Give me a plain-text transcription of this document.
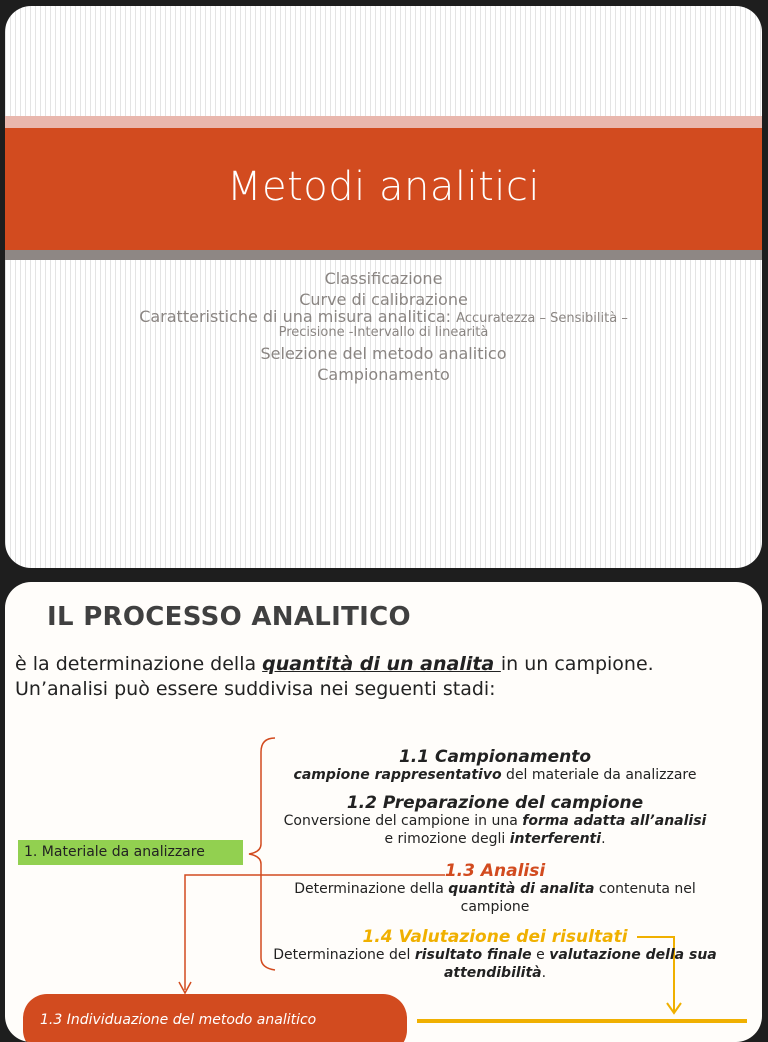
Metodi analitici
Classificazione
Curve di calibrazione
Caratteristiche di una misura analitica: Accuratezza – Sensibilità –
Precisione -Intervallo di linearità
Selezione del metodo analitico
Campionamento
IL PROCESSO ANALITICO
è la determinazione della quantità di un analita in un campione.
Un’analisi può essere suddivisa nei seguenti stadi:
1. Materiale da analizzare
1.1 Campionamento
campione rappresentativo del materiale da analizzare
1.2 Preparazione del campione
Conversione del campione in una forma adatta all’analisi
e rimozione degli interferenti.
1.3 Analisi
Determinazione della quantità di analita contenuta nel
campione
1.4 Valutazione dei risultati
Determinazione del risultato finale e valutazione della sua
attendibilità.
1.3 Individuazione del metodo analitico
